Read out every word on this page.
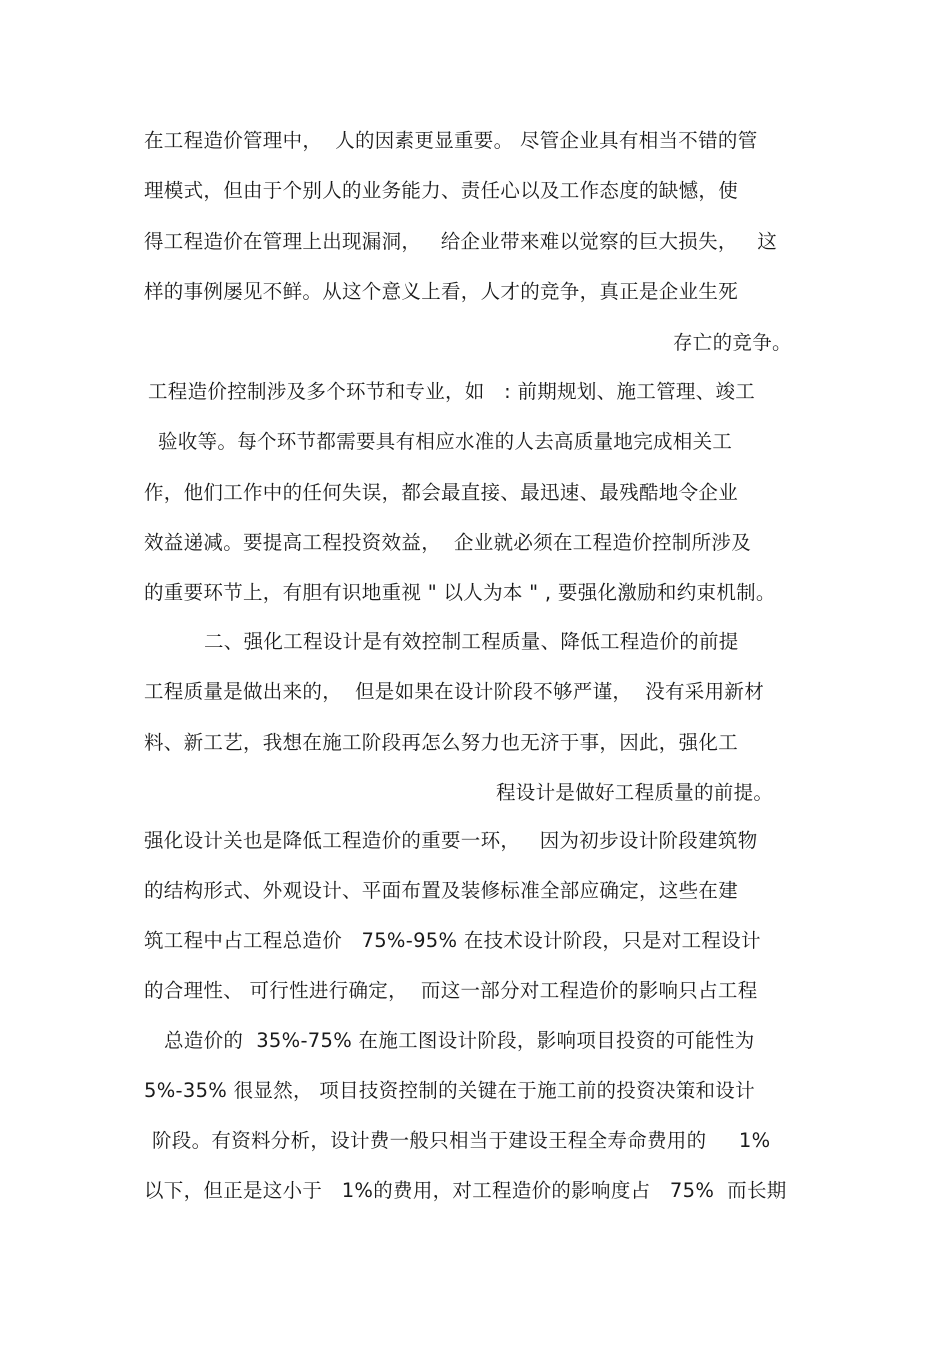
在工程造价管理中，  人的因素更显重要。 尽管企业具有相当不错的管
理模式，但由于个别人的业务能力、责任心以及工作态度的缺憾，使
得工程造价在管理上出现漏洞，   给企业带来难以觉察的巨大损失，   这
样的事例屡见不鲜。从这个意义上看，人才的竞争，真正是企业生死
存亡的竞争。
工程造价控制涉及多个环节和专业，如   : 前期规划、施工管理、竣工
验收等。每个环节都需要具有相应水准的人去高质量地完成相关工
作，他们工作中的任何失误，都会最直接、最迅速、最残酷地令企业
效益递减。要提高工程投资效益，  企业就必须在工程造价控制所涉及
的重要环节上，有胆有识地重视 " 以人为本 " , 要强化激励和约束机制。
二、强化工程设计是有效控制工程质量、降低工程造价的前提
工程质量是做出来的，  但是如果在设计阶段不够严谨，  没有采用新材
料、新工艺，我想在施工阶段再怎么努力也无济于事，因此，强化工
程设计是做好工程质量的前提。
强化设计关也是降低工程造价的重要一环，   因为初步设计阶段建筑物
的结构形式、外观设计、平面布置及装修标准全部应确定，这些在建
筑工程中占工程总造价   75%-95% 在技术设计阶段，只是对工程设计
的合理性、 可行性进行确定，  而这一部分对工程造价的影响只占工程
总造价的  35%-75% 在施工图设计阶段，影响项目投资的可能性为
5%-35% 很显然， 项目技资控制的关键在于施工前的投资决策和设计
阶段。有资料分析，设计费一般只相当于建设王程全寿命费用的     1%
以下，但正是这小于   1%的费用，对工程造价的影响度占   75%  而长期
